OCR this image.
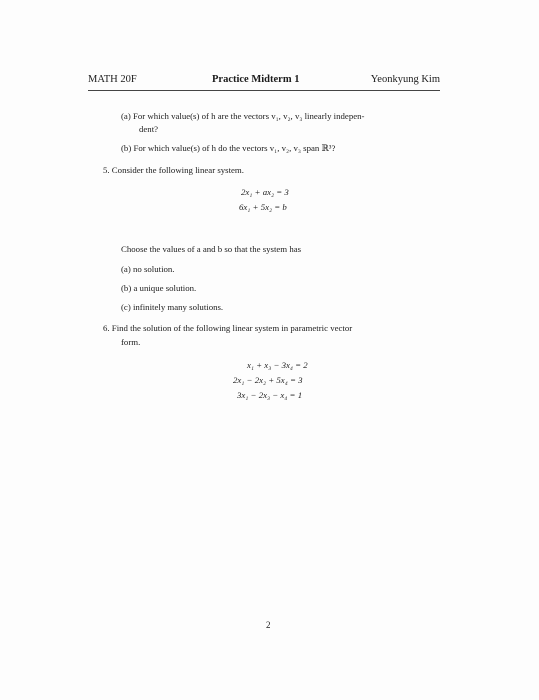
MATH 20F	Practice Midterm 1	Yeonkyung Kim
(a) For which value(s) of h are the vectors v₁, v₂, v₃ linearly indepen-
dent?
(b) For which value(s) of h do the vectors v₁, v₂, v₃ span ℝ³?
5. Consider the following linear system.
2x₁ + ax₂ = 3
6x₁ + 5x₂ = b
Choose the values of a and b so that the system has
(a) no solution.
(b) a unique solution.
(c) infinitely many solutions.
6. Find the solution of the following linear system in parametric vector
form.
x₁ + x₃ − 3x₄ = 2
2x₁ − 2x₂ + 5x₄ = 3
3x₁ − 2x₃ − x₄ = 1
2
